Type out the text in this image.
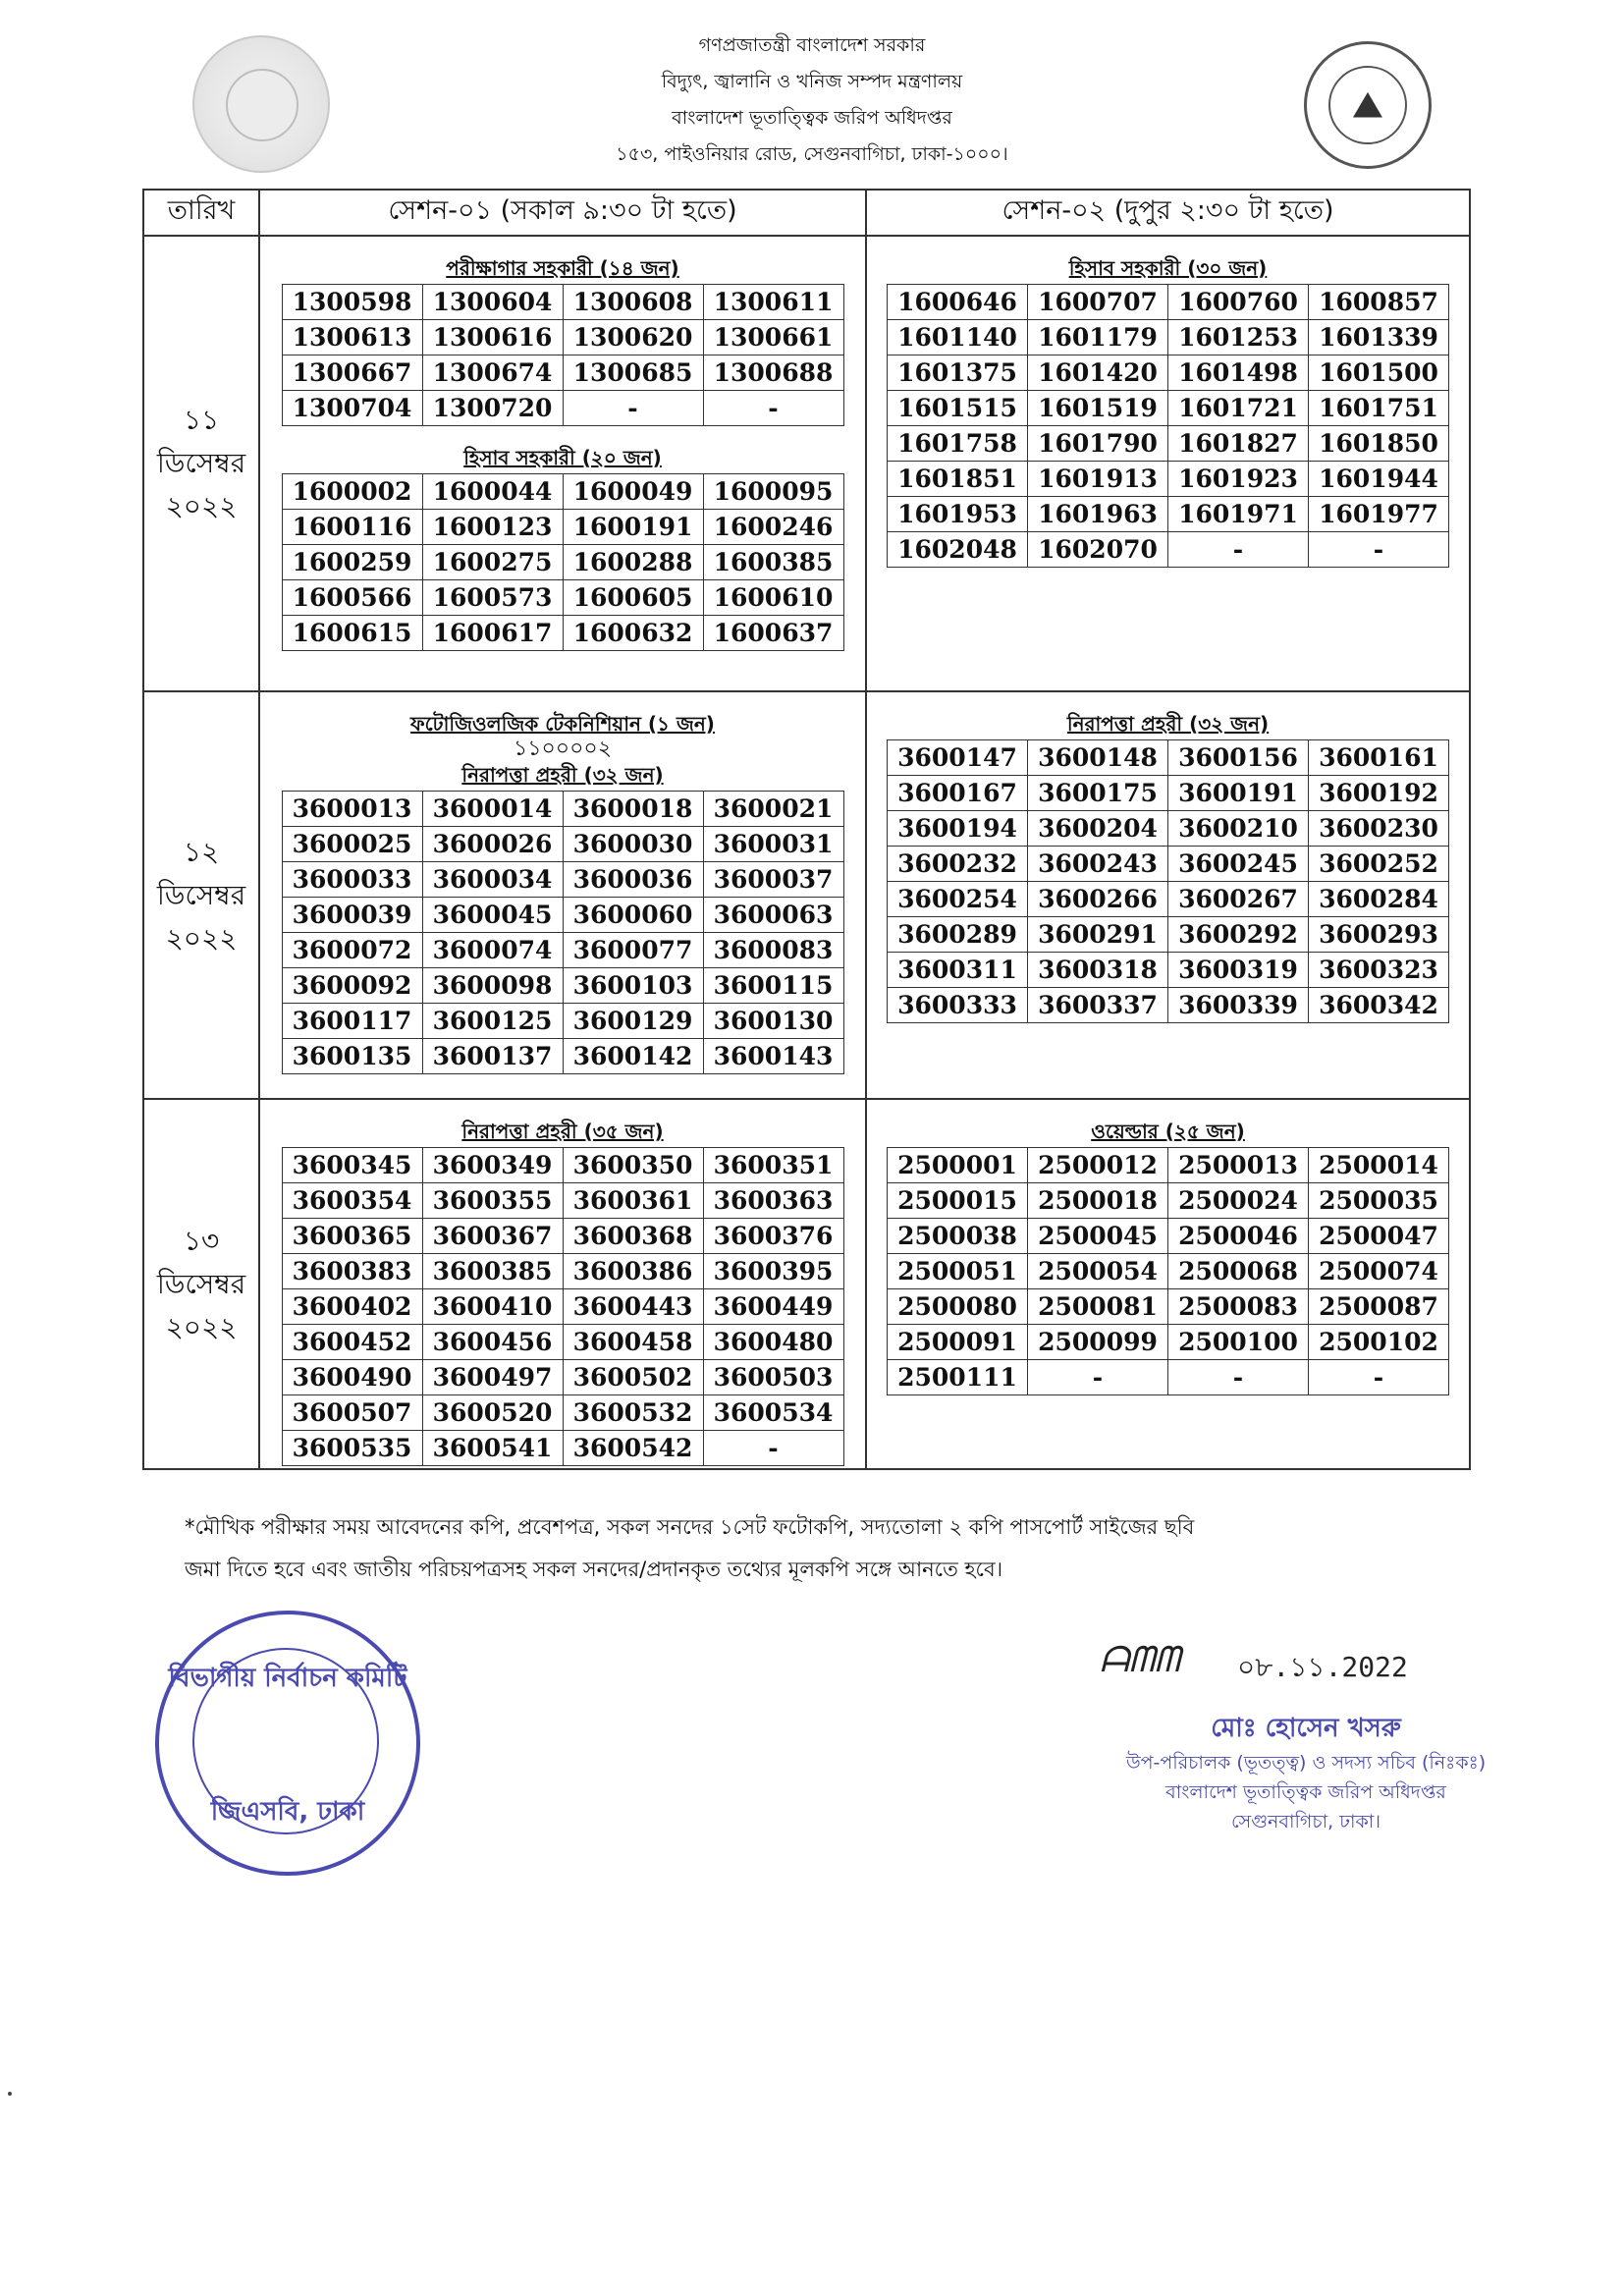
⛰
গণপ্রজাতন্ত্রী বাংলাদেশ সরকার
বিদ্যুৎ, জ্বালানি ও খনিজ সম্পদ মন্ত্রণালয়
বাংলাদেশ ভূতাত্ত্বিক জরিপ অধিদপ্তর
১৫৩, পাইওনিয়ার রোড, সেগুনবাগিচা, ঢাকা-১০০০।
তারিখ	সেশন-০১ (সকাল ৯:৩০ টা হতে)	সেশন-০২ (দুপুর ২:৩০ টা হতে)

১১
ডিসেম্বর
২০২২

পরীক্ষাগার সহকারী (১৪ জন)
1300598	1300604	1300608	1300611
1300613	1300616	1300620	1300661
1300667	1300674	1300685	1300688
1300704	1300720	-	-
হিসাব সহকারী (২০ জন)
1600002	1600044	1600049	1600095
1600116	1600123	1600191	1600246
1600259	1600275	1600288	1600385
1600566	1600573	1600605	1600610
1600615	1600617	1600632	1600637

হিসাব সহকারী (৩০ জন)
1600646	1600707	1600760	1600857
1601140	1601179	1601253	1601339
1601375	1601420	1601498	1601500
1601515	1601519	1601721	1601751
1601758	1601790	1601827	1601850
1601851	1601913	1601923	1601944
1601953	1601963	1601971	1601977
1602048	1602070	-	-

১২
ডিসেম্বর
২০২২

ফটোজিওলজিক টেকনিশিয়ান (১ জন)
১১০০০০২
নিরাপত্তা প্রহরী (৩২ জন)
3600013	3600014	3600018	3600021
3600025	3600026	3600030	3600031
3600033	3600034	3600036	3600037
3600039	3600045	3600060	3600063
3600072	3600074	3600077	3600083
3600092	3600098	3600103	3600115
3600117	3600125	3600129	3600130
3600135	3600137	3600142	3600143

নিরাপত্তা প্রহরী (৩২ জন)
3600147	3600148	3600156	3600161
3600167	3600175	3600191	3600192
3600194	3600204	3600210	3600230
3600232	3600243	3600245	3600252
3600254	3600266	3600267	3600284
3600289	3600291	3600292	3600293
3600311	3600318	3600319	3600323
3600333	3600337	3600339	3600342

১৩
ডিসেম্বর
২০২২

নিরাপত্তা প্রহরী (৩৫ জন)
3600345	3600349	3600350	3600351
3600354	3600355	3600361	3600363
3600365	3600367	3600368	3600376
3600383	3600385	3600386	3600395
3600402	3600410	3600443	3600449
3600452	3600456	3600458	3600480
3600490	3600497	3600502	3600503
3600507	3600520	3600532	3600534
3600535	3600541	3600542	-

ওয়েল্ডার (২৫ জন)
2500001	2500012	2500013	2500014
2500015	2500018	2500024	2500035
2500038	2500045	2500046	2500047
2500051	2500054	2500068	2500074
2500080	2500081	2500083	2500087
2500091	2500099	2500100	2500102
2500111	-	-	-
*মৌখিক পরীক্ষার সময় আবেদনের কপি, প্রবেশপত্র, সকল সনদের ১সেট ফটোকপি, সদ্যতোলা ২ কপি পাসপোর্ট সাইজের ছবি
জমা দিতে হবে এবং জাতীয় পরিচয়পত্রসহ সকল সনদের/প্রদানকৃত তথ্যের মূলকপি সঙ্গে আনতে হবে।
বিভাগীয় নির্বাচন কমিটি
জিএসবি, ঢাকা
ᗩᗰᗰ ০৮.১১.2022
মোঃ হোসেন খসরু
উপ-পরিচালক (ভূতত্ত্ব) ও সদস্য সচিব (নিঃকঃ)
বাংলাদেশ ভূতাত্ত্বিক জরিপ অধিদপ্তর
সেগুনবাগিচা, ঢাকা।
